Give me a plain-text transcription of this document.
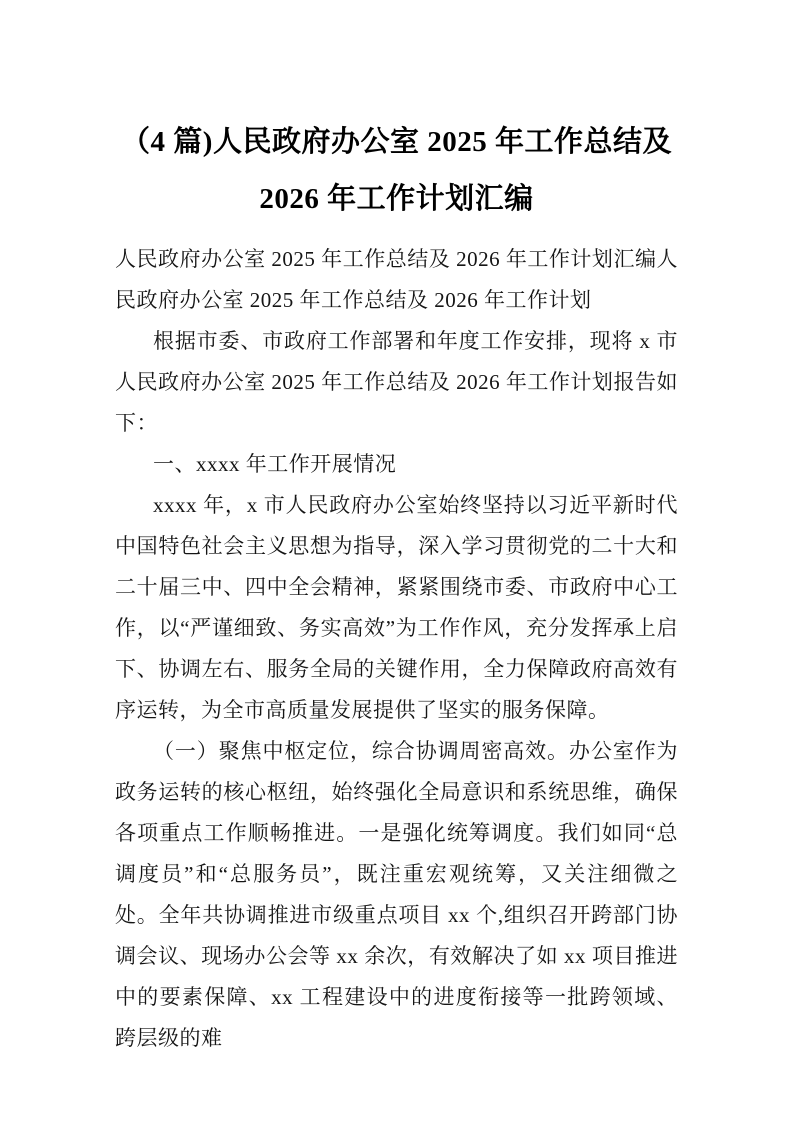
（4 篇)人民政府办公室 2025 年工作总结及 2026 年工作计划汇编

人民政府办公室 2025 年工作总结及 2026 年工作计划汇编人民政府办公室 2025 年工作总结及 2026 年工作计划

根据市委、市政府工作部署和年度工作安排，现将 x 市人民政府办公室 2025 年工作总结及 2026 年工作计划报告如下：

一、xxxx 年工作开展情况

xxxx 年，x 市人民政府办公室始终坚持以习近平新时代中国特色社会主义思想为指导，深入学习贯彻党的二十大和二十届三中、四中全会精神，紧紧围绕市委、市政府中心工作，以“严谨细致、务实高效”为工作作风，充分发挥承上启下、协调左右、服务全局的关键作用，全力保障政府高效有序运转，为全市高质量发展提供了坚实的服务保障。

（一）聚焦中枢定位，综合协调周密高效。办公室作为政务运转的核心枢纽，始终强化全局意识和系统思维，确保各项重点工作顺畅推进。一是强化统筹调度。我们如同“总调度员”和“总服务员”，既注重宏观统筹，又关注细微之处。全年共协调推进市级重点项目 xx 个,组织召开跨部门协调会议、现场办公会等 xx 余次，有效解决了如 xx 项目推进中的要素保障、xx 工程建设中的进度衔接等一批跨领域、跨层级的难
